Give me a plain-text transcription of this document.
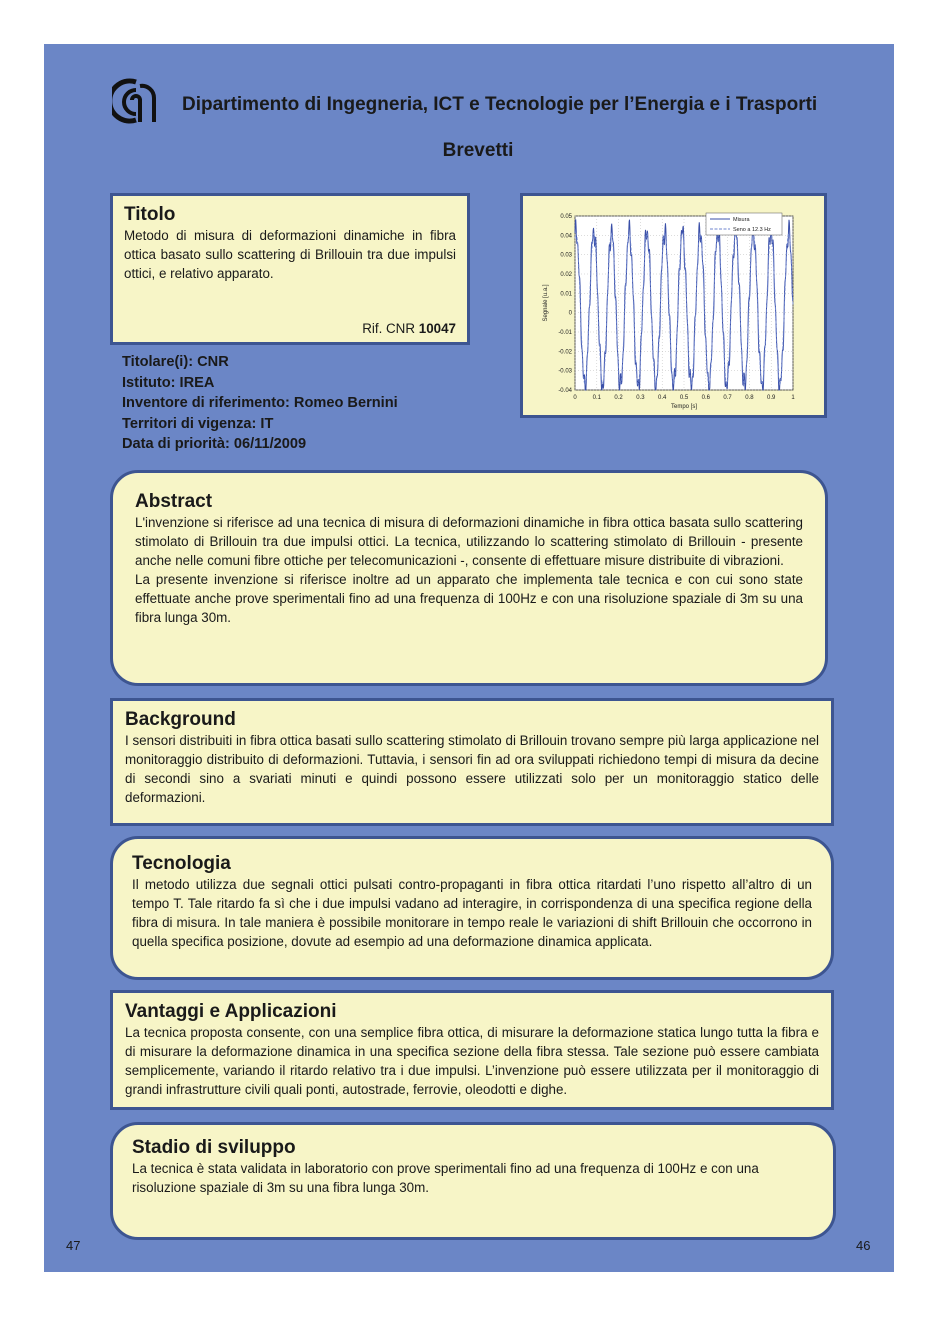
Dipartimento di Ingegneria, ICT e Tecnologie per l’Energia e i Trasporti
Brevetti
Titolo

Metodo di misura di deformazioni dinamiche in fibra ottica basato sullo scattering di Brillouin tra due impulsi ottici, e relativo apparato.

Rif. CNR 10047
Titolare(i): CNR
Istituto: IREA
Inventore di riferimento: Romeo Bernini
Territori di vigenza: IT
Data di priorità: 06/11/2009
0	0.1 0.2 0.3 0.4 0.5 0.6 0.7 0.8 0.9	1
0.05
0.04
0.03
0.02
0.01
0
-0.01
-0.02
-0.03
-0.04
Tempo [s]
Segnale [u.a.]
Misura
Seno a 12.3 Hz
Abstract

L'invenzione si riferisce ad una tecnica di misura di deformazioni dinamiche in fibra ottica basata sullo scattering stimolato di Brillouin tra due impulsi ottici. La tecnica, utilizzando lo scattering stimolato di Brillouin - presente anche nelle comuni fibre ottiche per telecomunicazioni -, consente di effettuare misure distribuite di vibrazioni.

La presente invenzione si riferisce inoltre ad un apparato che implementa tale tecnica e con cui sono state effettuate anche prove sperimentali fino ad una frequenza di 100Hz e con una risoluzione spaziale di 3m su una fibra lunga 30m.

Background

I sensori distribuiti in fibra ottica basati sullo scattering stimolato di Brillouin trovano sempre più larga applicazione nel monitoraggio distribuito di deformazioni. Tuttavia, i sensori fin ad ora sviluppati richiedono tempi di misura da decine di secondi sino a svariati minuti e quindi possono essere utilizzati solo per un monitoraggio statico delle deformazioni.

Tecnologia

Il metodo utilizza due segnali ottici pulsati contro-propaganti in fibra ottica ritardati l’uno rispetto all’altro di un tempo T. Tale ritardo fa sì che i due impulsi vadano ad interagire, in corrispondenza di una specifica regione della fibra di misura. In tale maniera è possibile monitorare in tempo reale le variazioni di shift Brillouin che occorrono in quella specifica posizione, dovute ad esempio ad una deformazione dinamica applicata.

Vantaggi e Applicazioni

La tecnica proposta consente, con una semplice fibra ottica, di misurare la deformazione statica lungo tutta la fibra e di misurare la deformazione dinamica in una specifica sezione della fibra stessa. Tale sezione può essere cambiata semplicemente, variando il ritardo relativo tra i due impulsi. L’invenzione può essere utilizzata per il monitoraggio di grandi infrastrutture civili quali ponti, autostrade, ferrovie, oleodotti e dighe.

Stadio di sviluppo

La tecnica è stata validata in laboratorio con prove sperimentali fino ad una frequenza di 100Hz e con una risoluzione spaziale di 3m su una fibra lunga 30m.

47	46
